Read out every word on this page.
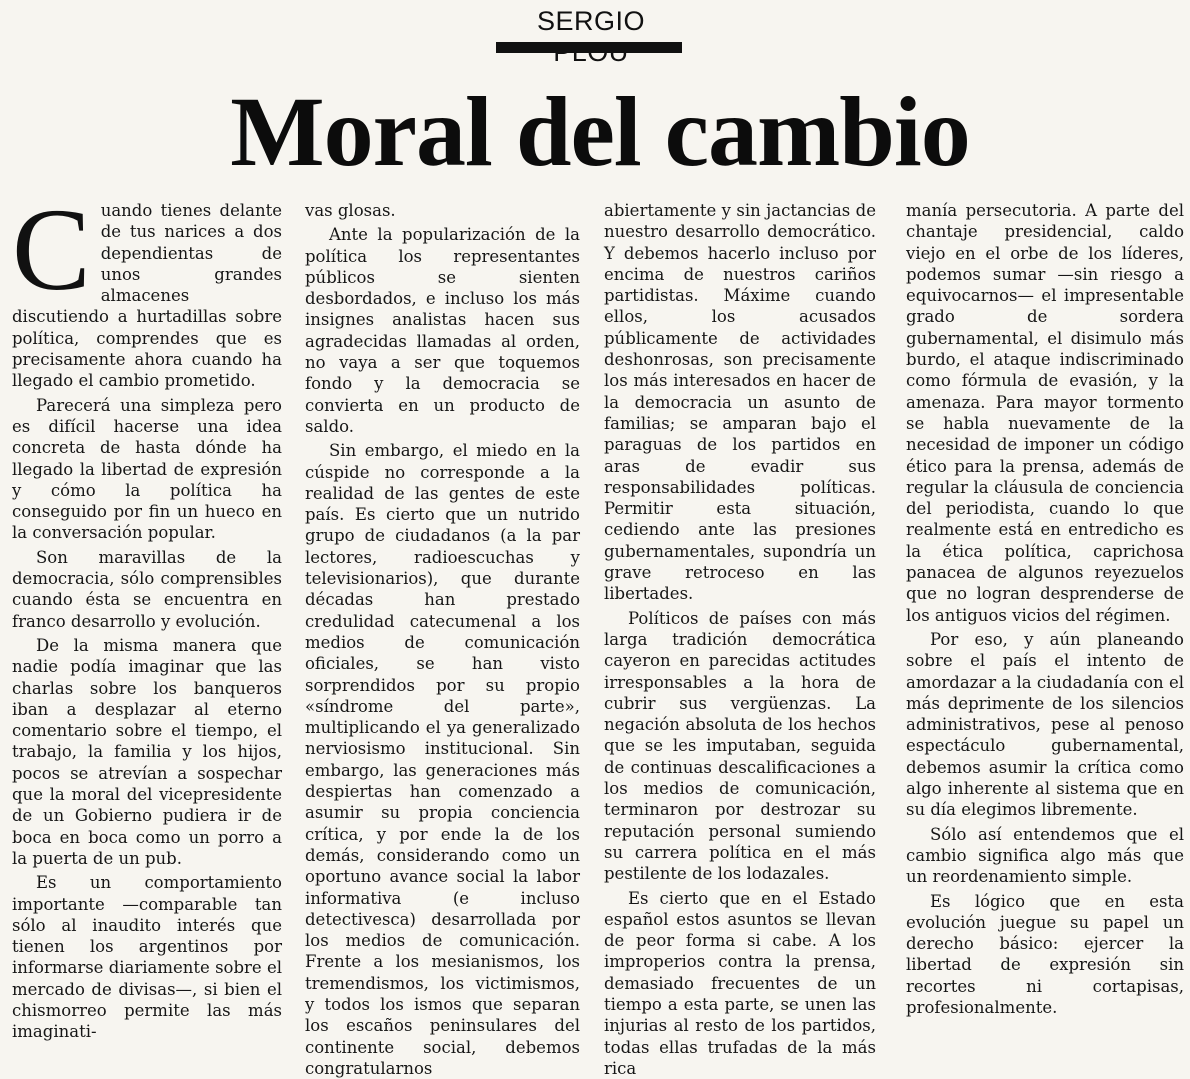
SERGIO
Moral del cambio

Cuando tienes delante de tus narices a dos dependientas de unos grandes almacenes discutiendo a hurtadillas sobre política, comprendes que es precisamente ahora cuando ha llegado el cambio prometido.

Parecerá una simpleza pero es difícil hacerse una idea concreta de hasta dónde ha llegado la libertad de expresión y cómo la política ha conseguido por fin un hueco en la conversación popular.

Son maravillas de la democracia, sólo comprensibles cuando ésta se encuentra en franco desarrollo y evolución.

De la misma manera que nadie podía imaginar que las charlas sobre los banqueros iban a desplazar al eterno comentario sobre el tiempo, el trabajo, la familia y los hijos, pocos se atrevían a sospechar que la moral del vicepresidente de un Gobierno pudiera ir de boca en boca como un porro a la puerta de un pub.

Es un comportamiento importante —comparable tan sólo al inaudito interés que tienen los argentinos por informarse diariamente sobre el mercado de divisas—, si bien el chismorreo permite las más imaginati-

vas glosas.

Ante la popularización de la política los representantes públicos se sienten desbordados, e incluso los más insignes analistas hacen sus agradecidas llamadas al orden, no vaya a ser que toquemos fondo y la democracia se convierta en un producto de saldo.

Sin embargo, el miedo en la cúspide no corresponde a la realidad de las gentes de este país. Es cierto que un nutrido grupo de ciudadanos (a la par lectores, radioescuchas y televisionarios), que durante décadas han prestado credulidad catecumenal a los medios de comunicación oficiales, se han visto sorprendidos por su propio «síndrome del parte», multiplicando el ya generalizado nerviosismo institucional. Sin embargo, las generaciones más despiertas han comenzado a asumir su propia conciencia crítica, y por ende la de los demás, considerando como un oportuno avance social la labor informativa (e incluso detectivesca) desarrollada por los medios de comunicación. Frente a los mesianismos, los tremendismos, los victimismos, y todos los ismos que separan los escaños peninsulares del continente social, debemos congratularnos

abiertamente y sin jactancias de nuestro desarrollo democrático. Y debemos hacerlo incluso por encima de nuestros cariños partidistas. Máxime cuando ellos, los acusados públicamente de actividades deshonrosas, son precisamente los más interesados en hacer de la democracia un asunto de familias; se amparan bajo el paraguas de los partidos en aras de evadir sus responsabilidades políticas. Permitir esta situación, cediendo ante las presiones gubernamentales, supondría un grave retroceso en las libertades.

Políticos de países con más larga tradición democrática cayeron en parecidas actitudes irresponsables a la hora de cubrir sus vergüenzas. La negación absoluta de los hechos que se les imputaban, seguida de continuas descalificaciones a los medios de comunicación, terminaron por destrozar su reputación personal sumiendo su carrera política en el más pestilente de los lodazales.

Es cierto que en el Estado español estos asuntos se llevan de peor forma si cabe. A los improperios contra la prensa, demasiado frecuentes de un tiempo a esta parte, se unen las injurias al resto de los partidos, todas ellas trufadas de la más rica

manía persecutoria. A parte del chantaje presidencial, caldo viejo en el orbe de los líderes, podemos sumar —sin riesgo a equivocarnos— el impresentable grado de sordera gubernamental, el disimulo más burdo, el ataque indiscriminado como fórmula de evasión, y la amenaza. Para mayor tormento se habla nuevamente de la necesidad de imponer un código ético para la prensa, además de regular la cláusula de conciencia del periodista, cuando lo que realmente está en entredicho es la ética política, caprichosa panacea de algunos reyezuelos que no logran desprenderse de los antiguos vicios del régimen.

Por eso, y aún planeando sobre el país el intento de amordazar a la ciudadanía con el más deprimente de los silencios administrativos, pese al penoso espectáculo gubernamental, debemos asumir la crítica como algo inherente al sistema que en su día elegimos libremente.

Sólo así entendemos que el cambio significa algo más que un reordenamiento simple.

Es lógico que en esta evolución juegue su papel un derecho básico: ejercer la libertad de expresión sin recortes ni cortapisas, profesionalmente.
